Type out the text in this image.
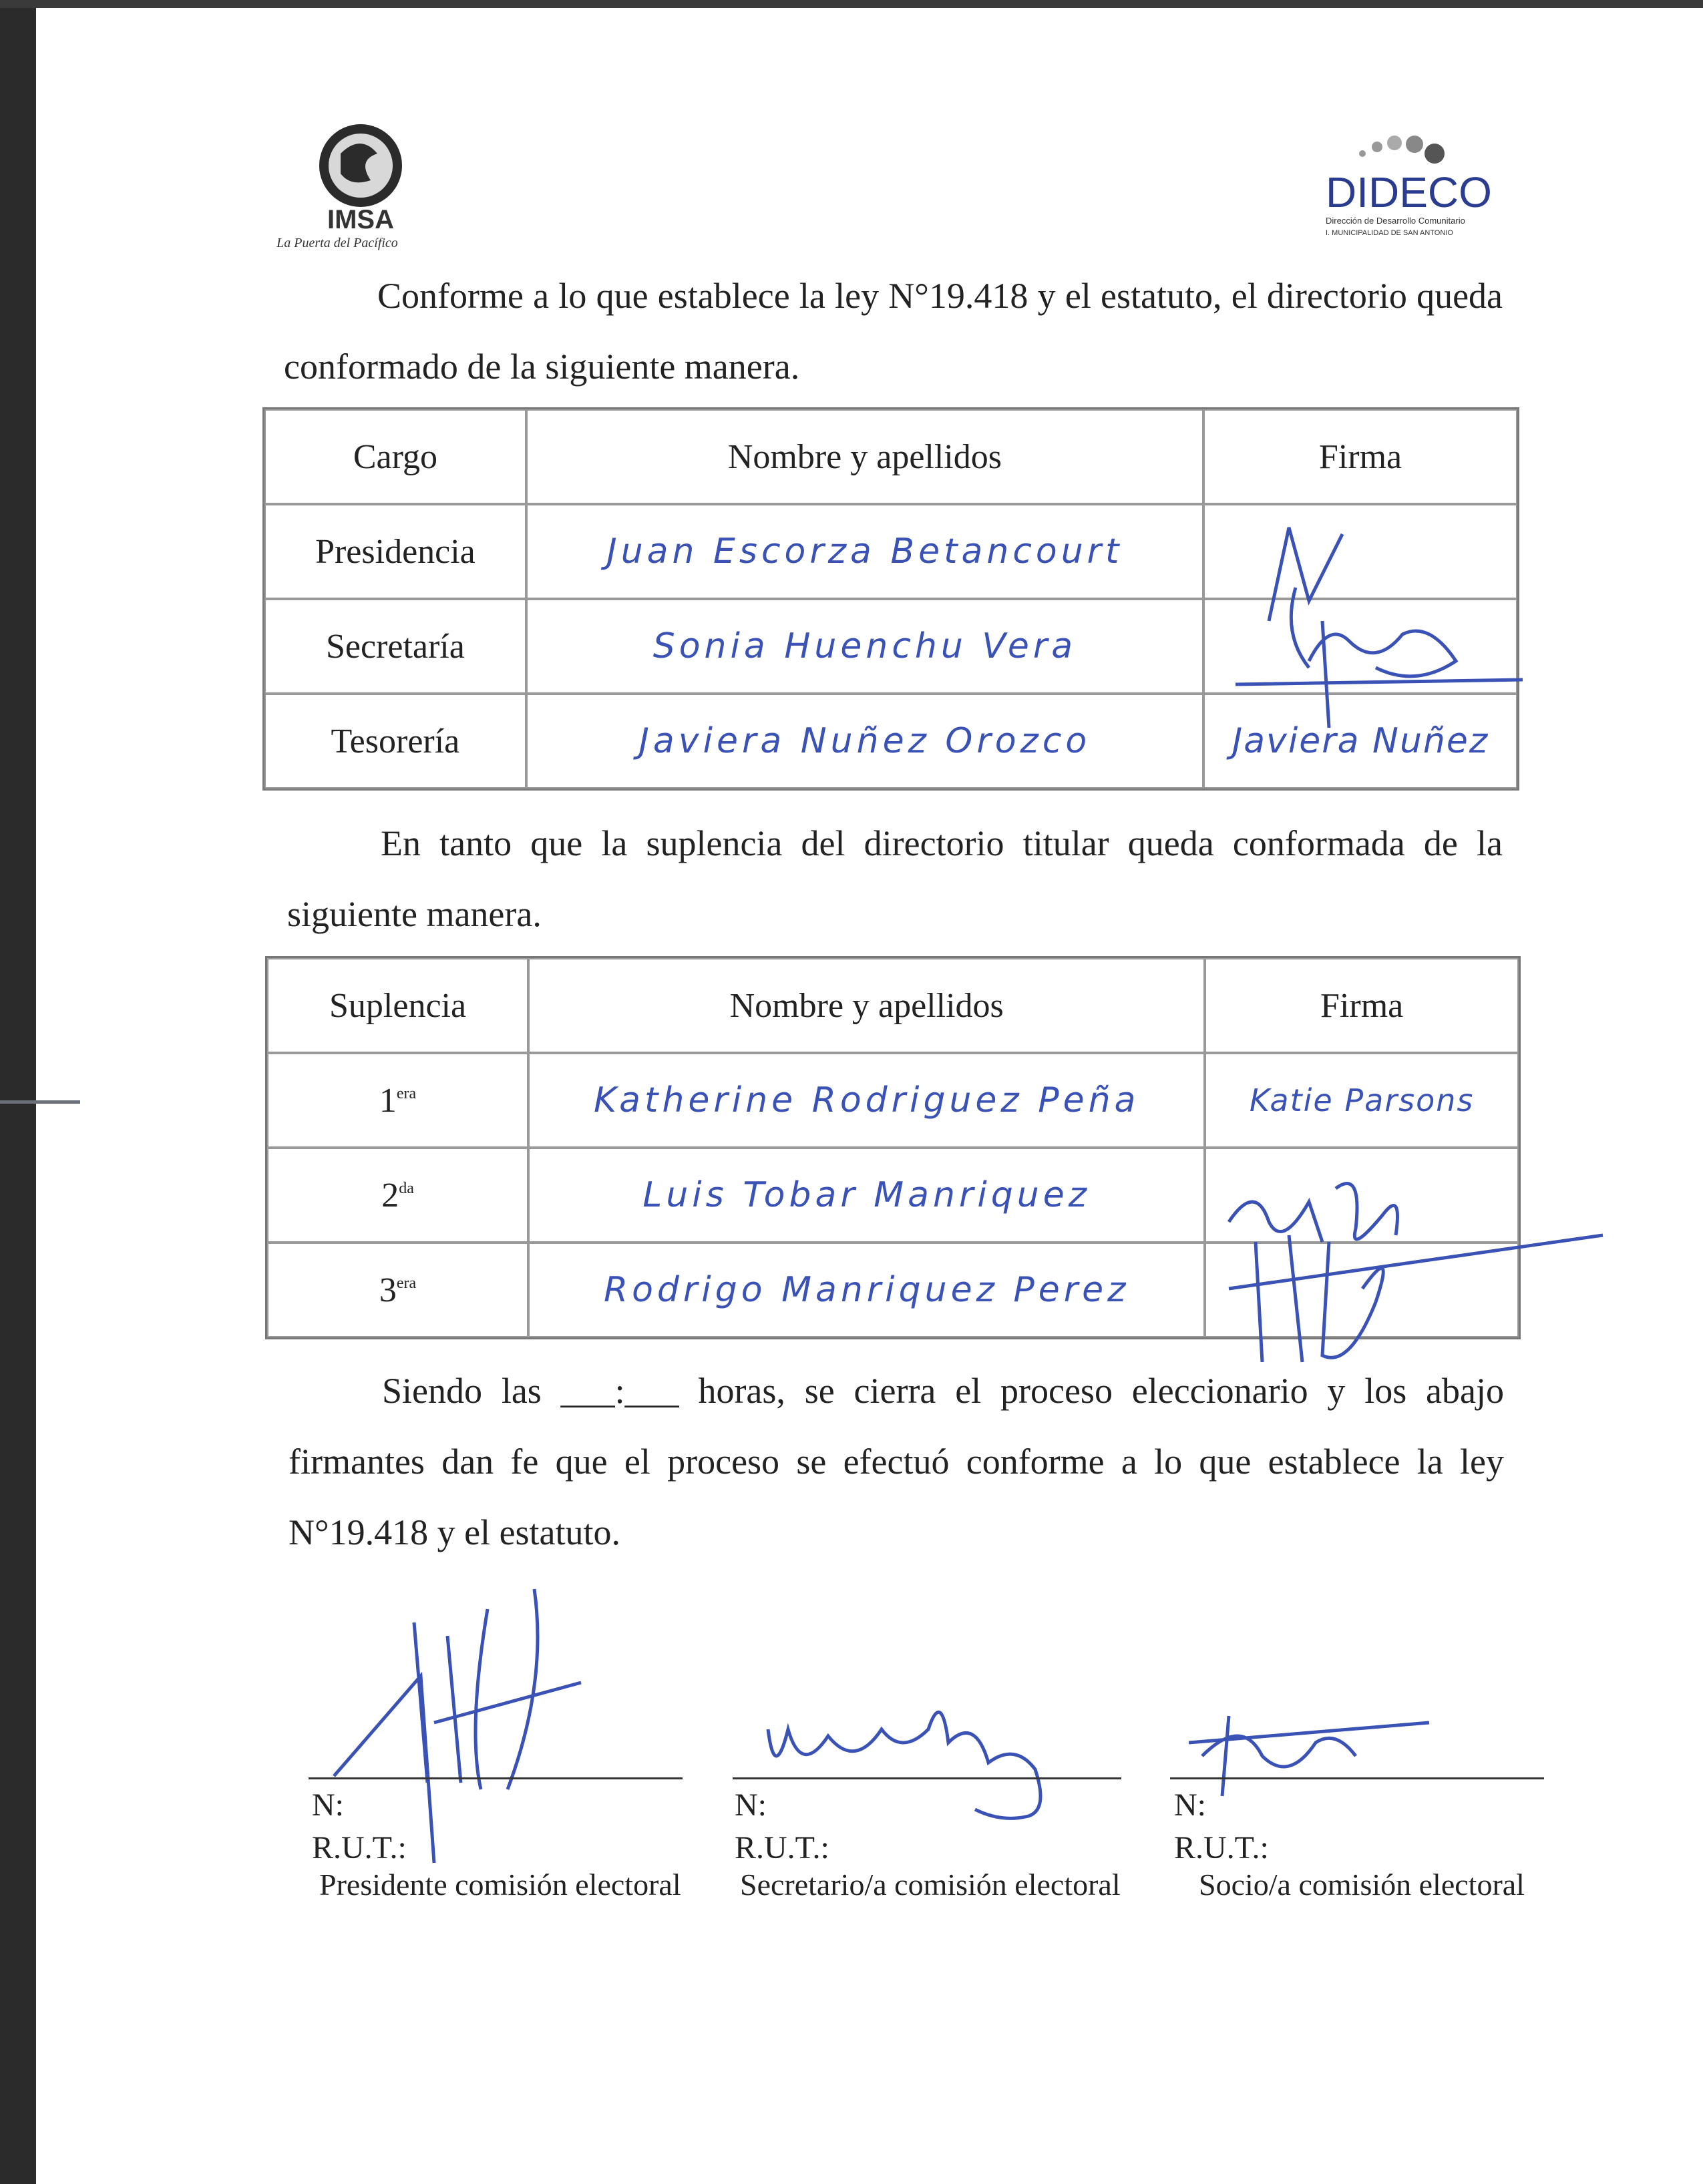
IMSA
La Puerta del Pacífico
DIDECO
Dirección de Desarrollo Comunitario
I. MUNICIPALIDAD DE SAN ANTONIO
Conforme a lo que establece la ley N°19.418 y el estatuto, el directorio queda conformado de la siguiente manera.
Cargo	Nombre y apellidos	Firma
Presidencia	Juan Escorza Betancourt	
Secretaría	Sonia Huenchu Vera	
Tesorería	Javiera Nuñez Orozco	Javiera Nuñez
En tanto que la suplencia del directorio titular queda conformada de la siguiente manera.
Suplencia	Nombre y apellidos	Firma
$1^{era}$	Katherine Rodriguez Peña	Katie Parsons
$2^{da}$	Luis Tobar Manriquez	
$3^{era}$	Rodrigo Manriquez Perez	
Siendo las ___:___ horas, se cierra el proceso eleccionario y los abajo firmantes dan fe que el proceso se efectuó conforme a lo que establece la ley N°19.418 y el estatuto.
N:
R.U.T.:
Presidente comisión electoral
N:
R.U.T.:
Secretario/a comisión electoral
N:
R.U.T.:
Socio/a comisión electoral
